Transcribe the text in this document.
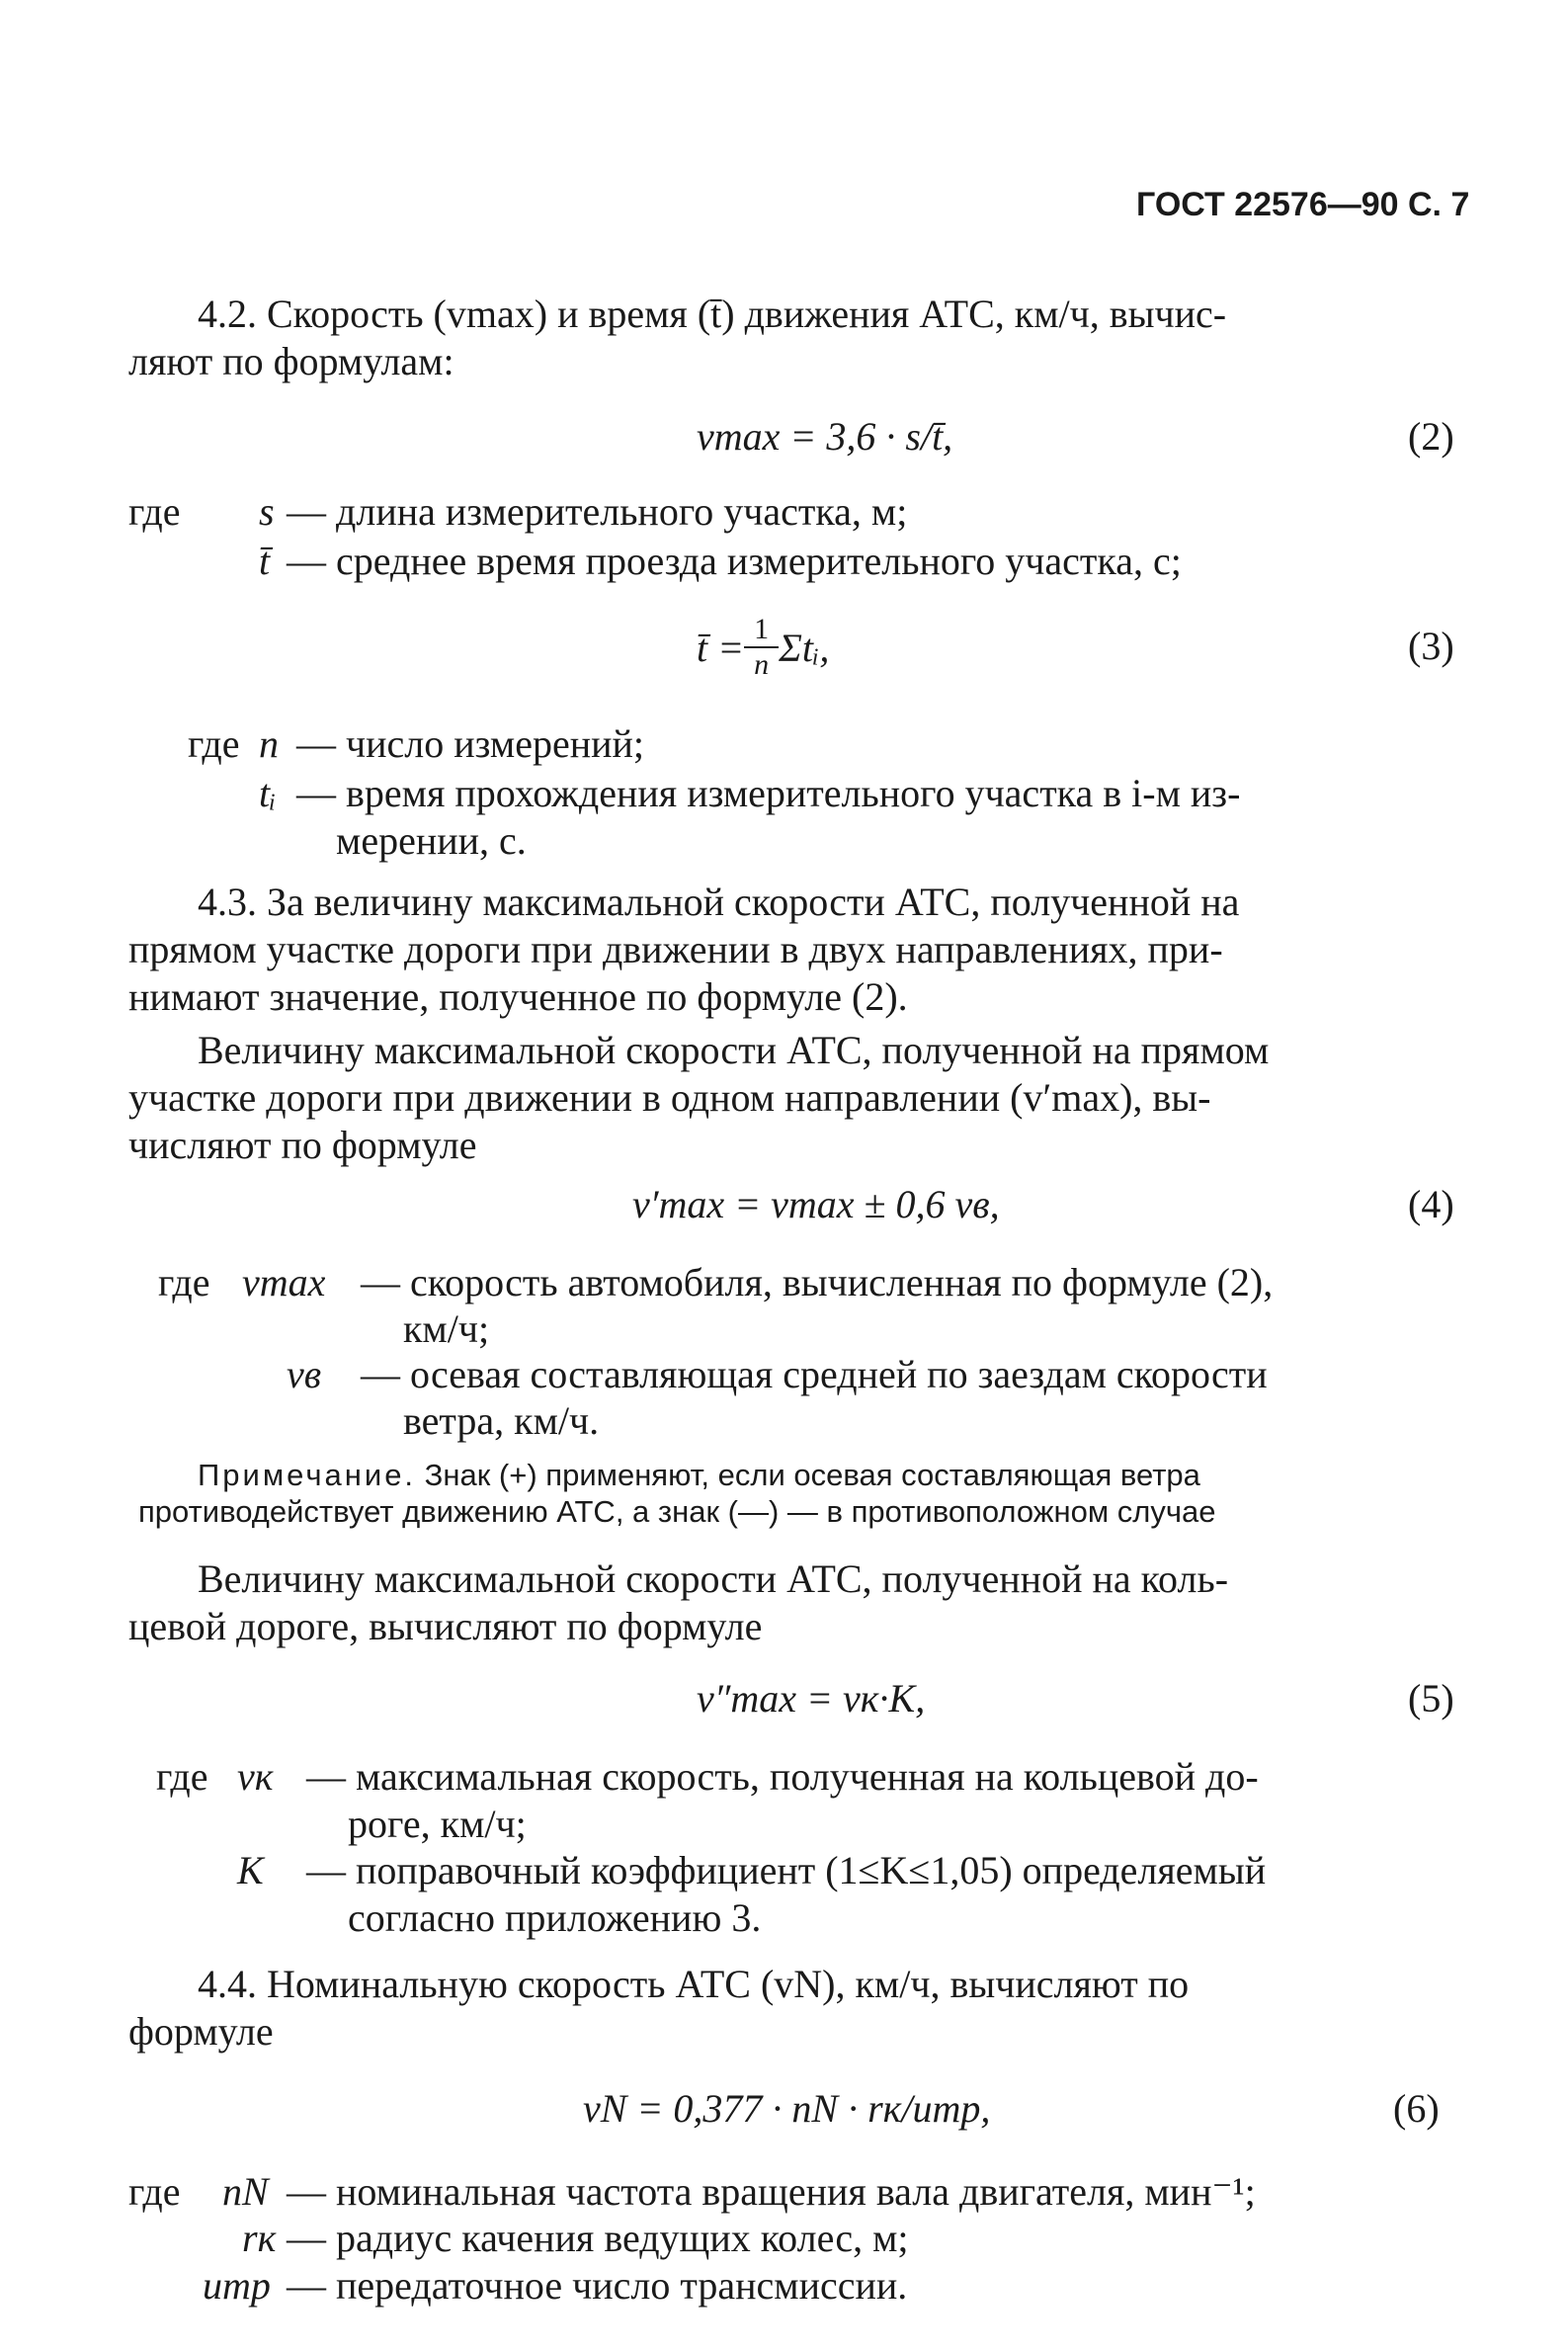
ГОСТ 22576—90 С. 7
4.2. Скорость (vmax) и время (t̄) движения АТС, км/ч, вычис-
ляют по формулам:
vmax = 3,6 · s/t̄,	(2)
где s — длина измерительного участка, м;
t̄ — среднее время проезда измерительного участка, с;
t̄ = $\frac{1}{n}$ Σtᵢ,	(3)
где n — число измерений;
tᵢ — время прохождения измерительного участка в i-м из-
мерении, с.
4.3. За величину максимальной скорости АТС, полученной на
прямом участке дороги при движении в двух направлениях, при-
нимают значение, полученное по формуле (2).
Величину максимальной скорости АТС, полученной на прямом
участке дороги при движении в одном направлении (v′max), вы-
числяют по формуле
v′max = vmax ± 0,6 vв,	(4)
где vmax — скорость автомобиля, вычисленная по формуле (2),
км/ч;
vв — осевая составляющая средней по заездам скорости
ветра, км/ч.
Примечание. Знак (+) применяют, если осевая составляющая ветра
противодействует движению АТС, а знак (—) — в противоположном случае
Величину максимальной скорости АТС, полученной на коль-
цевой дороге, вычисляют по формуле
v″max = vк·K,	(5)
где vк — максимальная скорость, полученная на кольцевой до-
роге, км/ч;
K — поправочный коэффициент (1≤K≤1,05) определяемый
согласно приложению 3.
4.4. Номинальную скорость АТС (vN), км/ч, вычисляют по
формуле
vN = 0,377 · nN · rк/uтр,	(6)
где nN — номинальная частота вращения вала двигателя, мин⁻¹;
rк — радиус качения ведущих колес, м;
uтр — передаточное число трансмиссии.
